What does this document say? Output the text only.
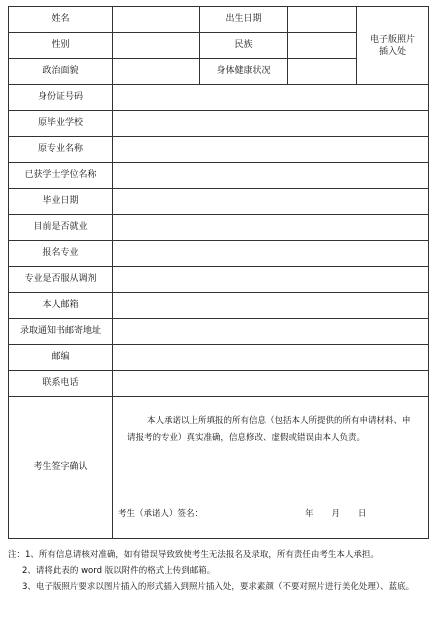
姓名		出生日期		电子版照片
插入处

性别		民族		
政治面貌		身体健康状况		
身份证号码				
原毕业学校				
原专业名称				
已获学士学位名称				
毕业日期				
目前是否就业				
报名专业				
专业是否服从调剂				
本人邮箱				
录取通知书邮寄地址				
邮编				
联系电话				
考生签字确认	本人承诺以上所填报的所有信息（包括本人所提供的所有申请材料、申请报考的专业）真实准确，信息修改、虚假或错误由本人负责。
考生（承诺人）签名： 年 月 日			

注：1、所有信息请核对准确，如有错误导致致使考生无法报名及录取，所有责任由考生本人承担。

2、请将此表的 word 版以附件的格式上传到邮箱。

3、电子版照片要求以图片插入的形式插入到照片插入处，要求素颜（不要对照片进行美化处理）、蓝底。
